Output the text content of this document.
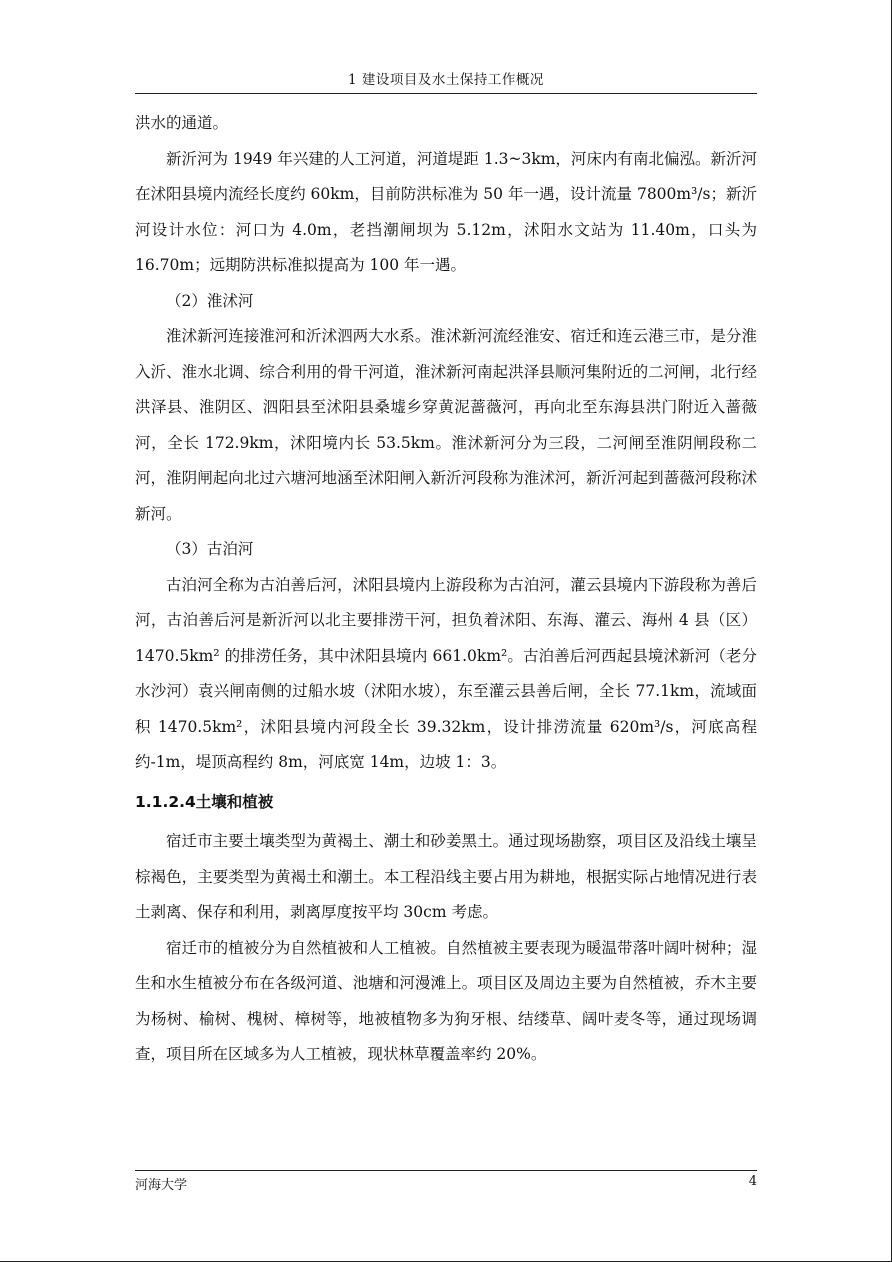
1 建设项目及水土保持工作概况

洪水的通道。

新沂河为 1949 年兴建的人工河道，河道堤距 1.3~3km，河床内有南北偏泓。新沂河在沭阳县境内流经长度约 60km，目前防洪标准为 50 年一遇，设计流量 7800m³/s；新沂河设计水位：河口为 4.0m，老挡潮闸坝为 5.12m，沭阳水文站为 11.40m，口头为 16.70m；远期防洪标准拟提高为 100 年一遇。

（2）淮沭河

淮沭新河连接淮河和沂沭泗两大水系。淮沭新河流经淮安、宿迁和连云港三市，是分淮入沂、淮水北调、综合利用的骨干河道，淮沭新河南起洪泽县顺河集附近的二河闸，北行经洪泽县、淮阴区、泗阳县至沭阳县桑墟乡穿黄泥蔷薇河，再向北至东海县洪门附近入蔷薇河，全长 172.9km，沭阳境内长 53.5km。淮沭新河分为三段，二河闸至淮阴闸段称二河，淮阴闸起向北过六塘河地涵至沭阳闸入新沂河段称为淮沭河，新沂河起到蔷薇河段称沭新河。

（3）古泊河

古泊河全称为古泊善后河，沭阳县境内上游段称为古泊河，灌云县境内下游段称为善后河，古泊善后河是新沂河以北主要排涝干河，担负着沭阳、东海、灌云、海州 4 县（区）1470.5km² 的排涝任务，其中沭阳县境内 661.0km²。古泊善后河西起县境沭新河（老分水沙河）袁兴闸南侧的过船水坡（沭阳水坡），东至灌云县善后闸，全长 77.1km，流域面积 1470.5km²，沭阳县境内河段全长 39.32km，设计排涝流量 620m³/s，河底高程约-1m，堤顶高程约 8m，河底宽 14m，边坡 1：3。

1.1.2.4土壤和植被

宿迁市主要土壤类型为黄褐土、潮土和砂姜黑土。通过现场勘察，项目区及沿线土壤呈棕褐色，主要类型为黄褐土和潮土。本工程沿线主要占用为耕地，根据实际占地情况进行表土剥离、保存和利用，剥离厚度按平均 30cm 考虑。

宿迁市的植被分为自然植被和人工植被。自然植被主要表现为暖温带落叶阔叶树种；湿生和水生植被分布在各级河道、池塘和河漫滩上。项目区及周边主要为自然植被，乔木主要为杨树、榆树、槐树、樟树等，地被植物多为狗牙根、结缕草、阔叶麦冬等，通过现场调查，项目所在区域多为人工植被，现状林草覆盖率约 20%。

河海大学	4
